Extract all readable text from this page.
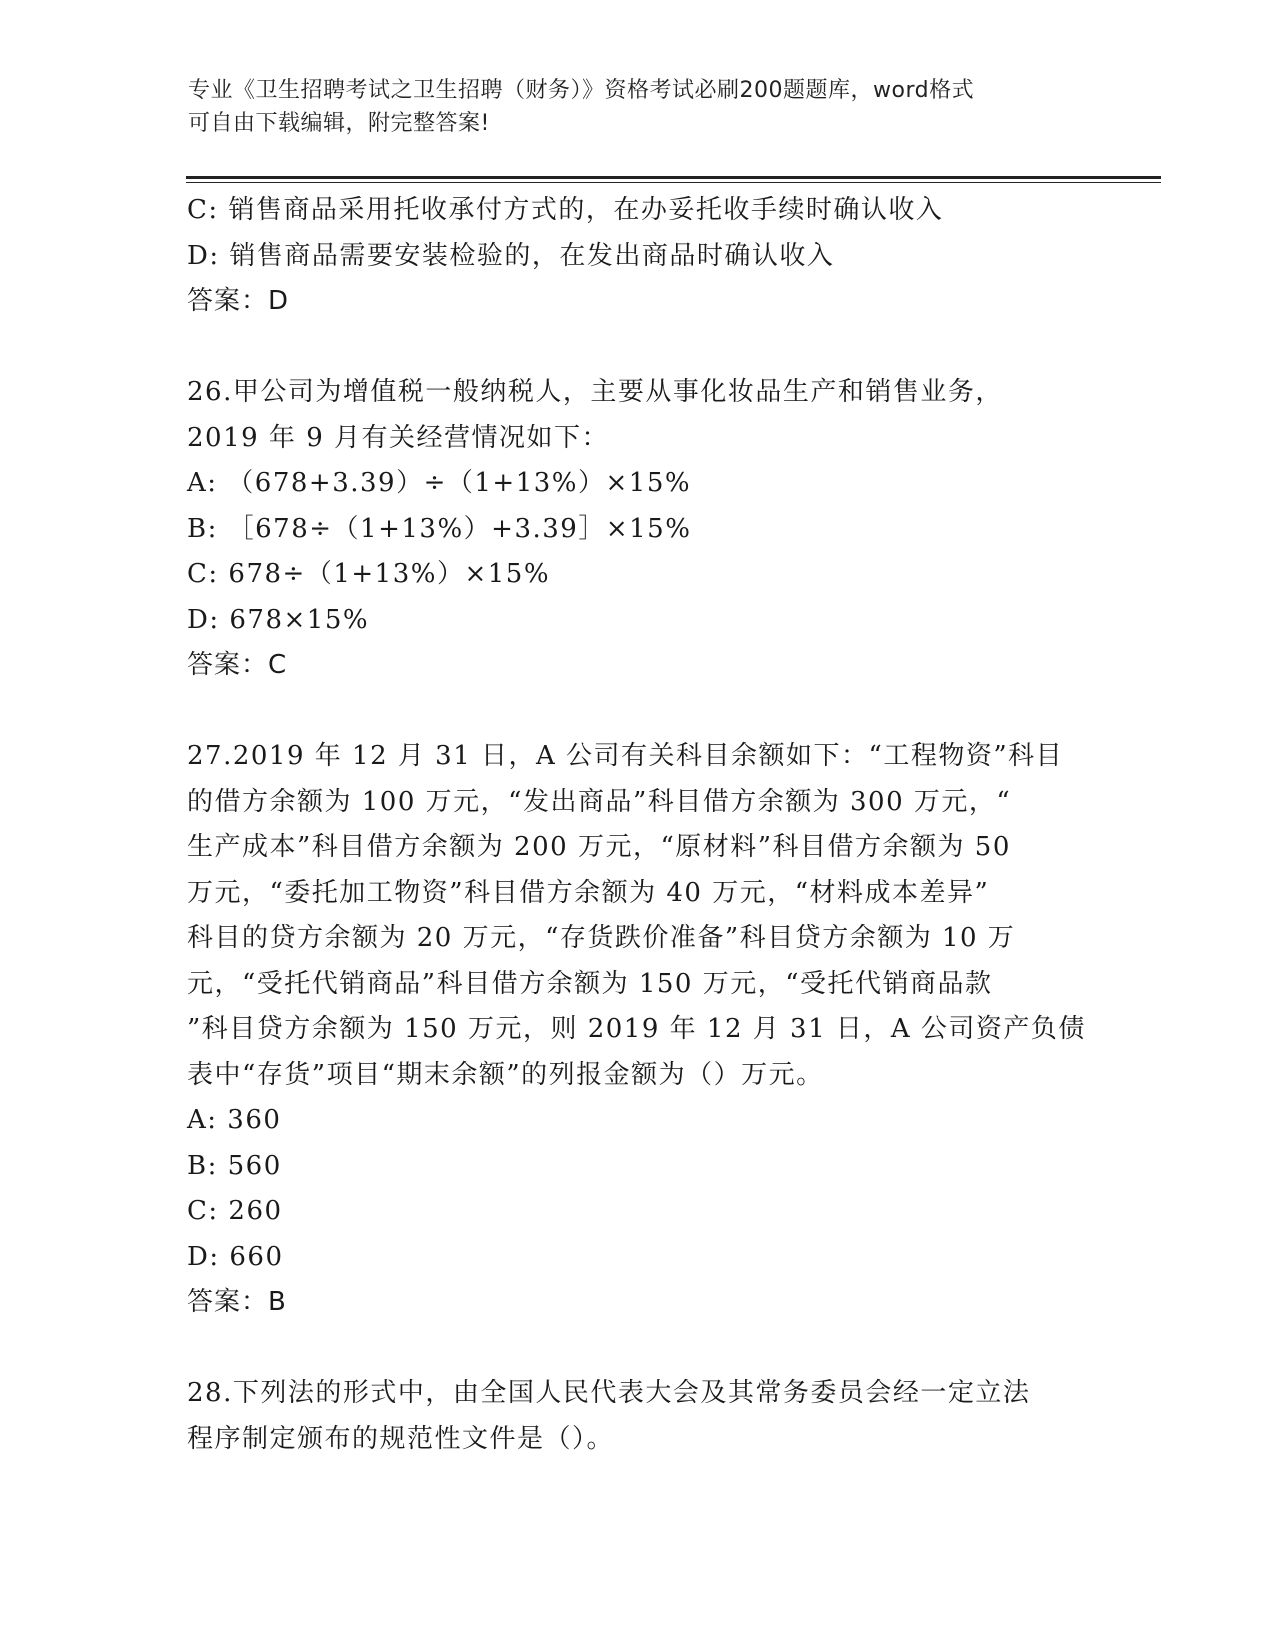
专业《卫生招聘考试之卫生招聘（财务）》资格考试必刷200题题库，word格式
可自由下载编辑，附完整答案!
C: 销售商品采用托收承付方式的，在办妥托收手续时确认收入
D: 销售商品需要安装检验的，在发出商品时确认收入
答案：D
26.甲公司为增值税一般纳税人，主要从事化妆品生产和销售业务，
2019 年 9 月有关经营情况如下：
A: （678+3.39）÷（1+13%）×15%
B: ［678÷（1+13%）+3.39］×15%
C: 678÷（1+13%）×15%
D: 678×15%
答案：C
27.2019 年 12 月 31 日，A 公司有关科目余额如下：“工程物资”科目
的借方余额为 100 万元，“发出商品”科目借方余额为 300 万元，“
生产成本”科目借方余额为 200 万元，“原材料”科目借方余额为 50
万元，“委托加工物资”科目借方余额为 40 万元，“材料成本差异”
科目的贷方余额为 20 万元，“存货跌价准备”科目贷方余额为 10 万
元，“受托代销商品”科目借方余额为 150 万元，“受托代销商品款
”科目贷方余额为 150 万元，则 2019 年 12 月 31 日，A 公司资产负债
表中“存货”项目“期末余额”的列报金额为（）万元。
A: 360
B: 560
C: 260
D: 660
答案：B
28.下列法的形式中，由全国人民代表大会及其常务委员会经一定立法
程序制定颁布的规范性文件是（）。
